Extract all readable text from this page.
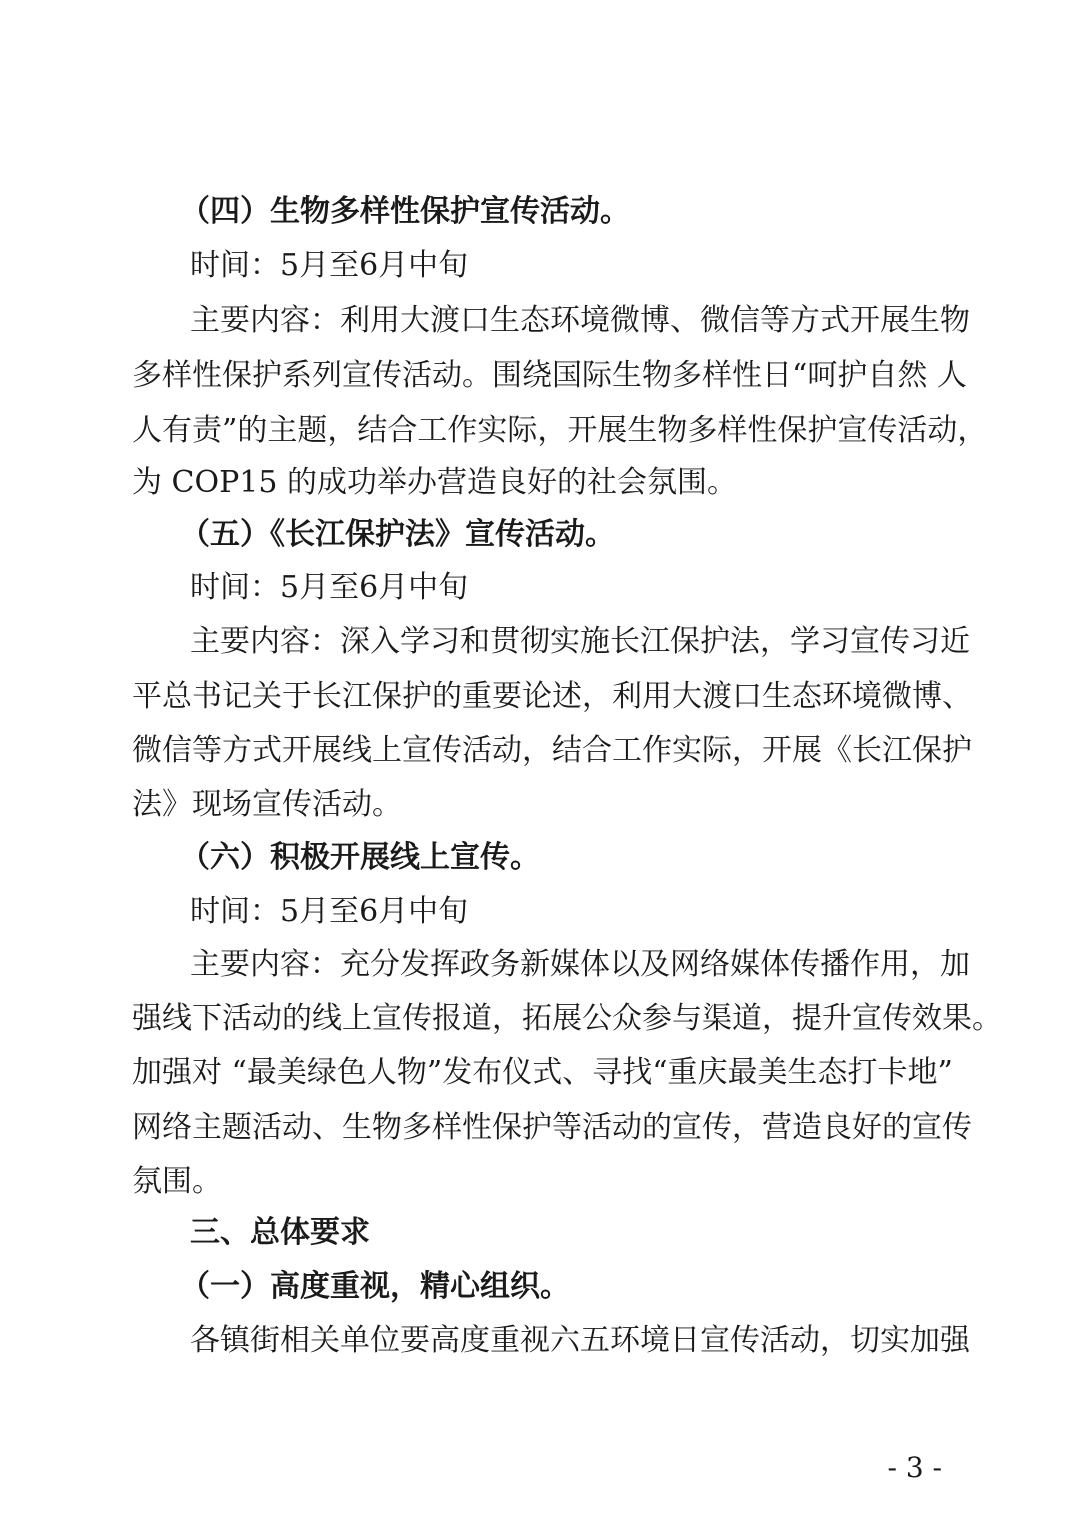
（四）生物多样性保护宣传活动。
时间：5月至6月中旬
主要内容：利用大渡口生态环境微博、微信等方式开展生物
多样性保护系列宣传活动。围绕国际生物多样性日“呵护自然 人
人有责”的主题，结合工作实际，开展生物多样性保护宣传活动，
为 COP15 的成功举办营造良好的社会氛围。
（五）《长江保护法》宣传活动。
时间：5月至6月中旬
主要内容：深入学习和贯彻实施长江保护法，学习宣传习近
平总书记关于长江保护的重要论述，利用大渡口生态环境微博、
微信等方式开展线上宣传活动，结合工作实际，开展《长江保护
法》现场宣传活动。
（六）积极开展线上宣传。
时间：5月至6月中旬
主要内容：充分发挥政务新媒体以及网络媒体传播作用，加
强线下活动的线上宣传报道，拓展公众参与渠道，提升宣传效果。
加强对 “最美绿色人物”发布仪式、寻找“重庆最美生态打卡地”
网络主题活动、生物多样性保护等活动的宣传，营造良好的宣传
氛围。
三、总体要求
（一）高度重视，精心组织。
各镇街相关单位要高度重视六五环境日宣传活动，切实加强
- 3 -
